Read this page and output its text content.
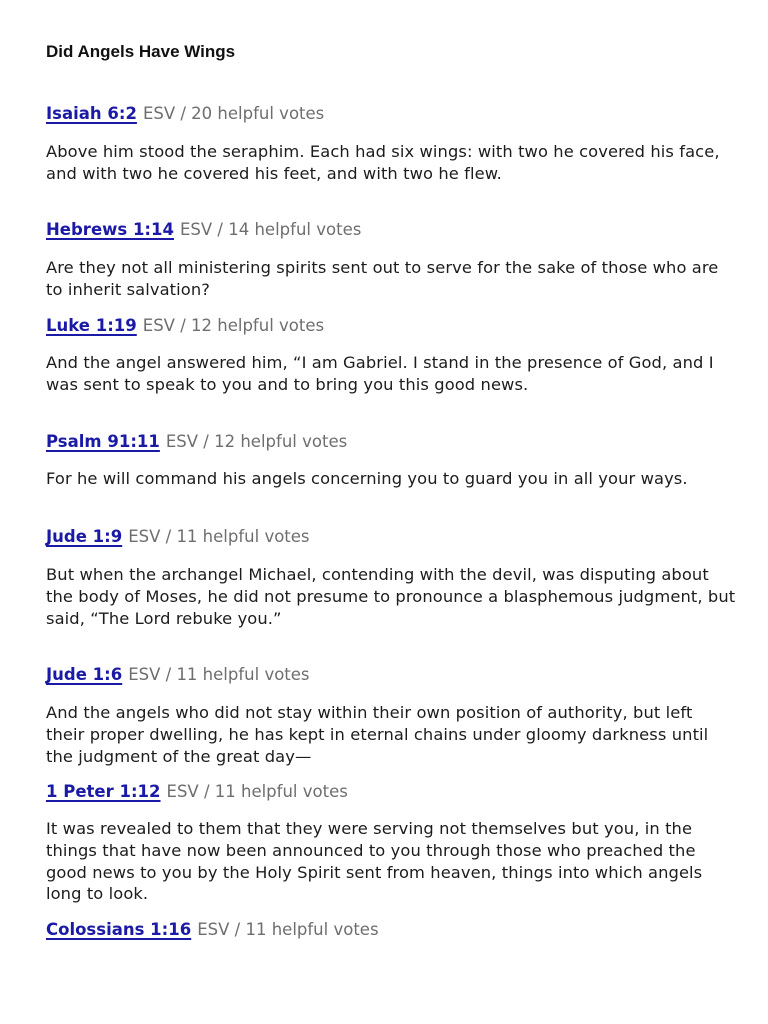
Did Angels Have Wings
Isaiah 6:2 ESV / 20 helpful votes

Above him stood the seraphim. Each had six wings: with two he covered his face, and with two he covered his feet, and with two he flew.

Hebrews 1:14 ESV / 14 helpful votes

Are they not all ministering spirits sent out to serve for the sake of those who are to inherit salvation?

Luke 1:19 ESV / 12 helpful votes

And the angel answered him, “I am Gabriel. I stand in the presence of God, and I was sent to speak to you and to bring you this good news.

Psalm 91:11 ESV / 12 helpful votes

For he will command his angels concerning you to guard you in all your ways.

Jude 1:9 ESV / 11 helpful votes

But when the archangel Michael, contending with the devil, was disputing about the body of Moses, he did not presume to pronounce a blasphemous judgment, but said, “The Lord rebuke you.”

Jude 1:6 ESV / 11 helpful votes

And the angels who did not stay within their own position of authority, but left their proper dwelling, he has kept in eternal chains under gloomy darkness until the judgment of the great day—

1 Peter 1:12 ESV / 11 helpful votes

It was revealed to them that they were serving not themselves but you, in the things that have now been announced to you through those who preached the good news to you by the Holy Spirit sent from heaven, things into which angels long to look.

Colossians 1:16 ESV / 11 helpful votes
